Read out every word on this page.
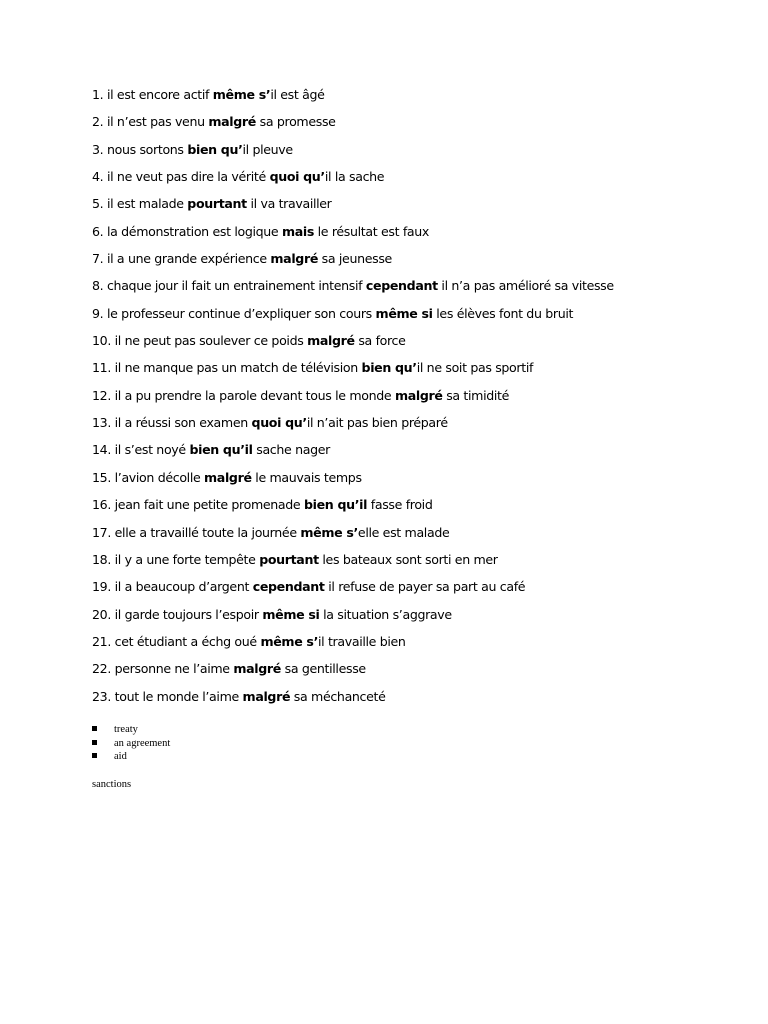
1. il est encore actif même s’il est âgé
2. il n’est pas venu malgré sa promesse
3. nous sortons bien qu’il pleuve
4. il ne veut pas dire la vérité quoi qu’il la sache
5. il est malade pourtant il va travailler
6. la démonstration est logique mais le résultat est faux
7. il a une grande expérience malgré sa jeunesse
8. chaque jour il fait un entrainement intensif cependant il n’a pas amélioré sa vitesse
9. le professeur continue d’expliquer son cours même si les élèves font du bruit
10. il ne peut pas soulever ce poids malgré sa force
11. il ne manque pas un match de télévision bien qu’il ne soit pas sportif
12. il a pu prendre la parole devant tous le monde malgré sa timidité
13. il a réussi son examen quoi qu’il n’ait pas bien préparé
14. il s’est noyé bien qu’il sache nager
15. l’avion décolle malgré le mauvais temps
16. jean fait une petite promenade bien qu’il fasse froid
17. elle a travaillé toute la journée même s’elle est malade
18. il y a une forte tempête pourtant les bateaux sont sorti en mer
19. il a beaucoup d’argent cependant il refuse de payer sa part au café
20. il garde toujours l’espoir même si la situation s’aggrave
21. cet étudiant a échg oué même s’il travaille bien
22. personne ne l’aime malgré sa gentillesse
23. tout le monde l’aime malgré sa méchanceté
treaty
an agreement
aid
sanctions
